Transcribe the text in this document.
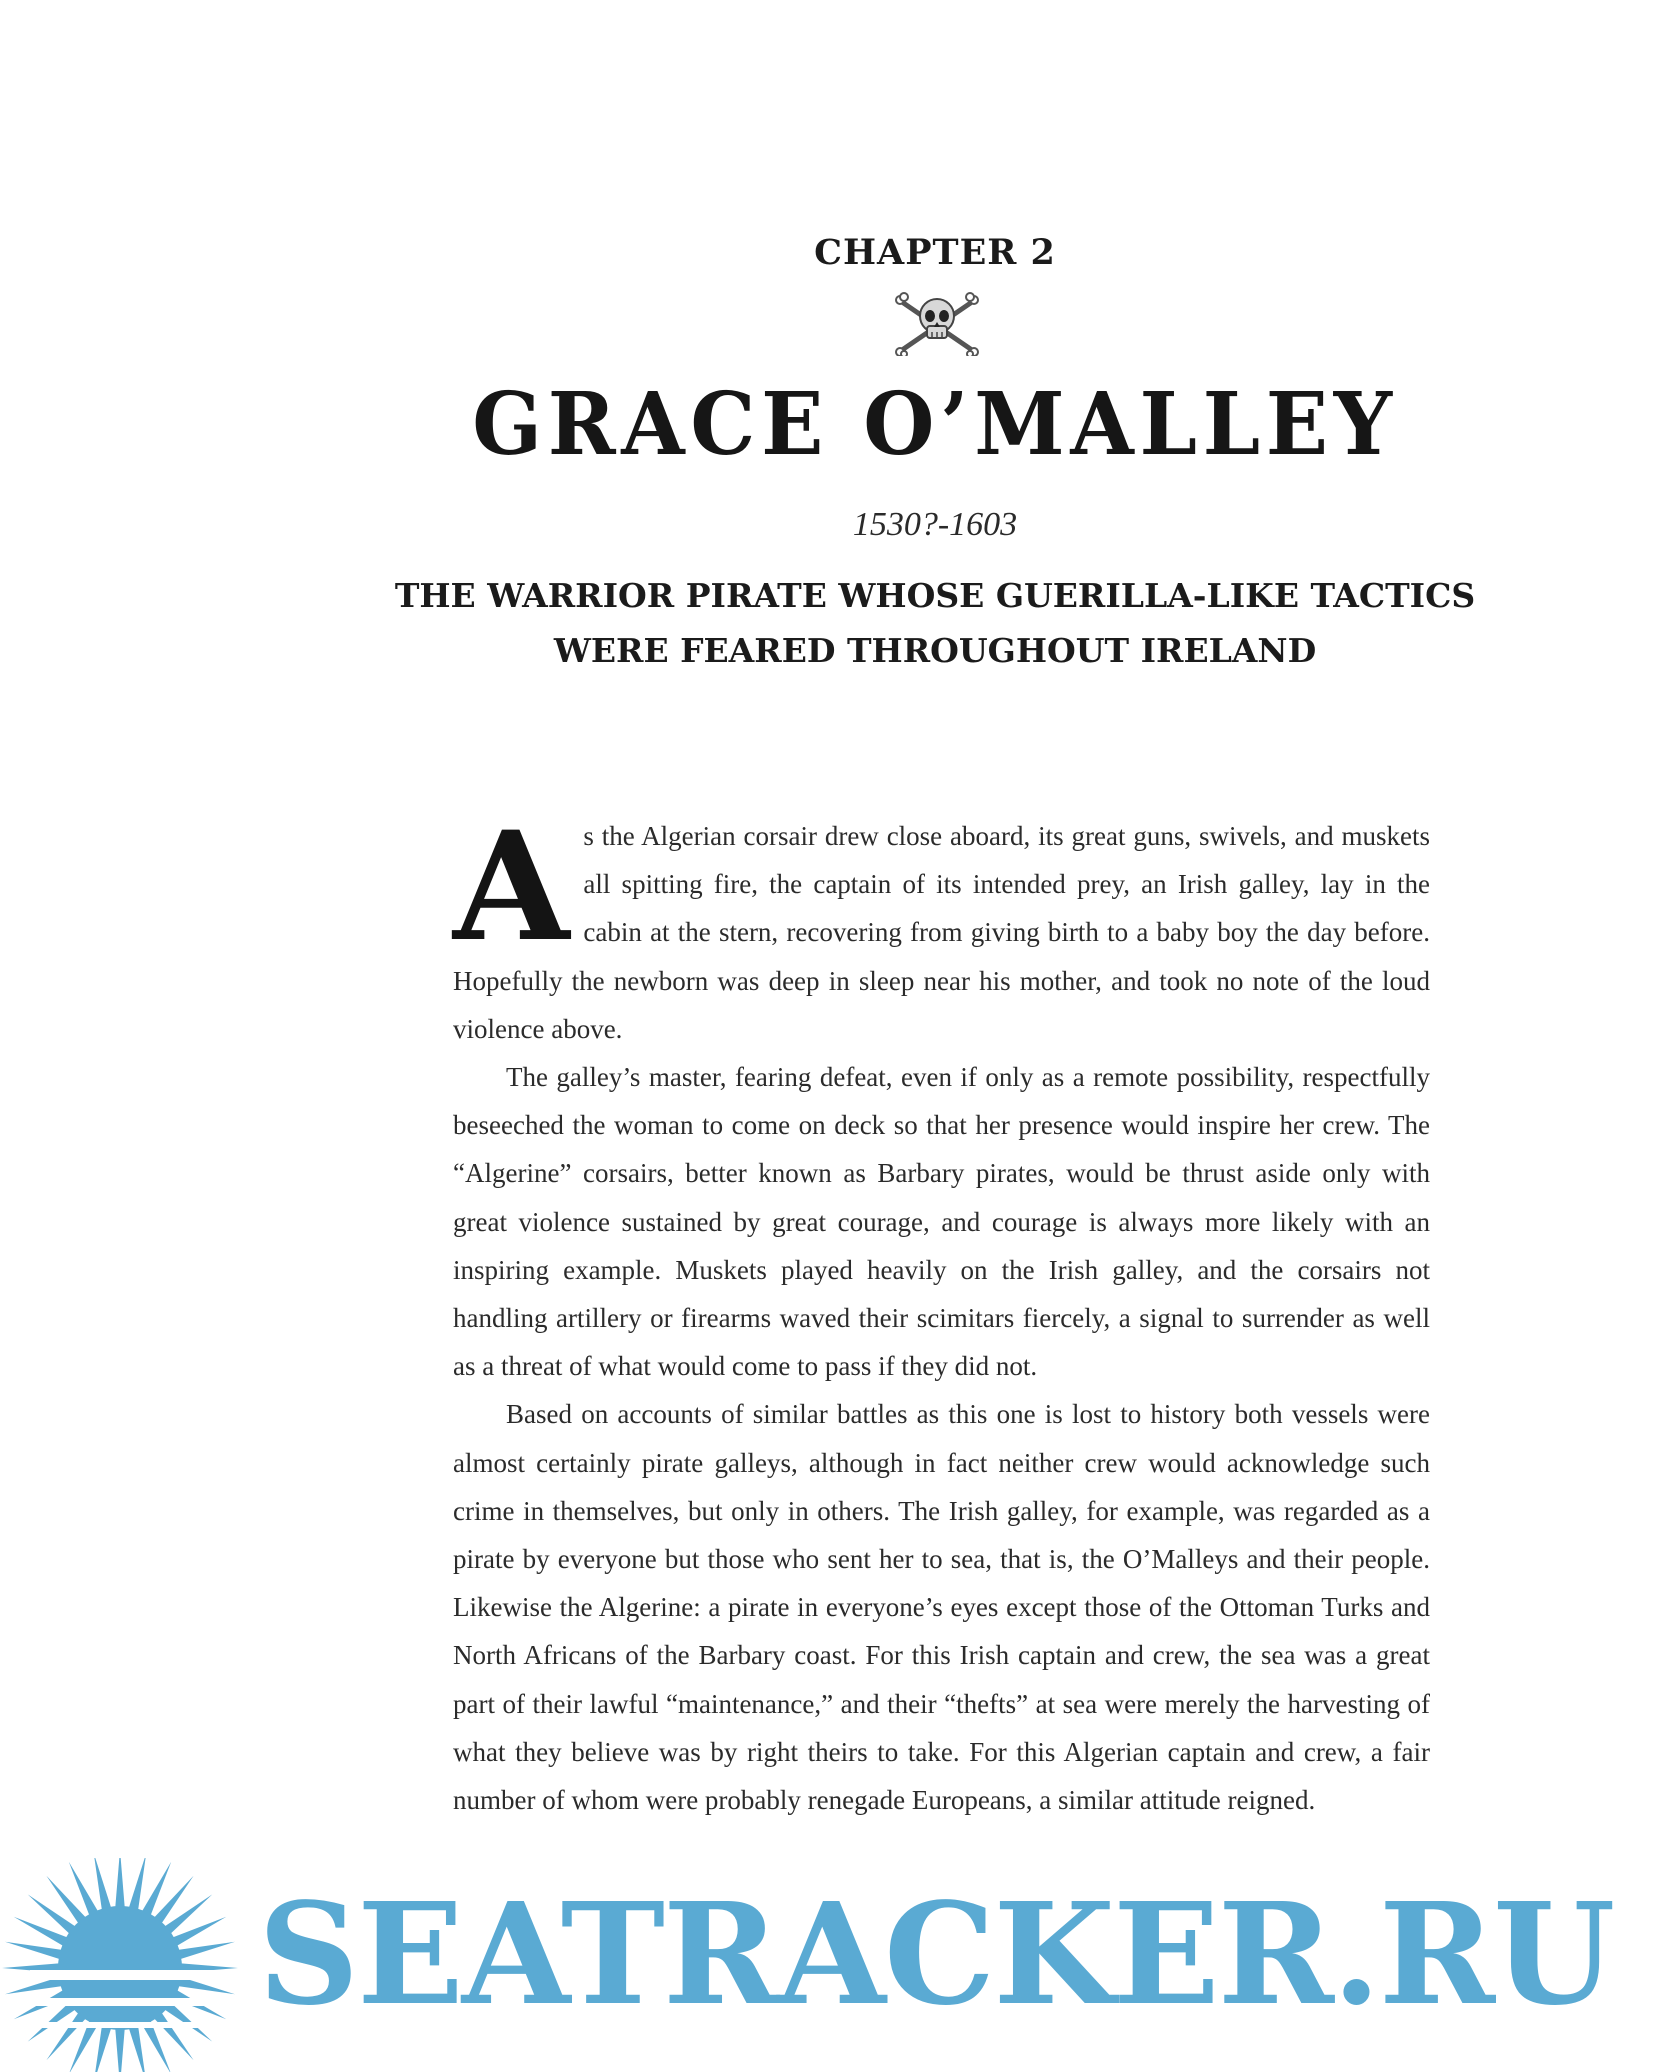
CHAPTER 2
GRACE O’MALLEY
1530?-1603
THE WARRIOR PIRATE WHOSE GUERILLA-LIKE TACTICS WERE FEARED THROUGHOUT IRELAND

As the Algerian corsair drew close aboard, its great guns, swivels, and muskets all spitting fire, the captain of its intended prey, an Irish galley, lay in the cabin at the stern, recovering from giving birth to a baby boy the day before. Hopefully the newborn was deep in sleep near his mother, and took no note of the loud violence above.

The galley’s master, fearing defeat, even if only as a remote possibility, respectfully beseeched the woman to come on deck so that her presence would inspire her crew. The “Algerine” corsairs, better known as Barbary pirates, would be thrust aside only with great violence sustained by great courage, and courage is always more likely with an inspiring example. Muskets played heavily on the Irish galley, and the corsairs not handling artillery or firearms waved their scimitars fiercely, a signal to surrender as well as a threat of what would come to pass if they did not.

Based on accounts of similar battles as this one is lost to history both vessels were almost certainly pirate galleys, although in fact neither crew would acknowledge such crime in themselves, but only in others. The Irish galley, for example, was regarded as a pirate by everyone but those who sent her to sea, that is, the O’Malleys and their people. Likewise the Algerine: a pirate in everyone’s eyes except those of the Ottoman Turks and North Africans of the Barbary coast. For this Irish captain and crew, the sea was a great part of their lawful “maintenance,” and their “thefts” at sea were merely the harvesting of what they believe was by right theirs to take. For this Algerian captain and crew, a fair number of whom were probably renegade Europeans, a similar attitude reigned.

SEATRACKER.RU
